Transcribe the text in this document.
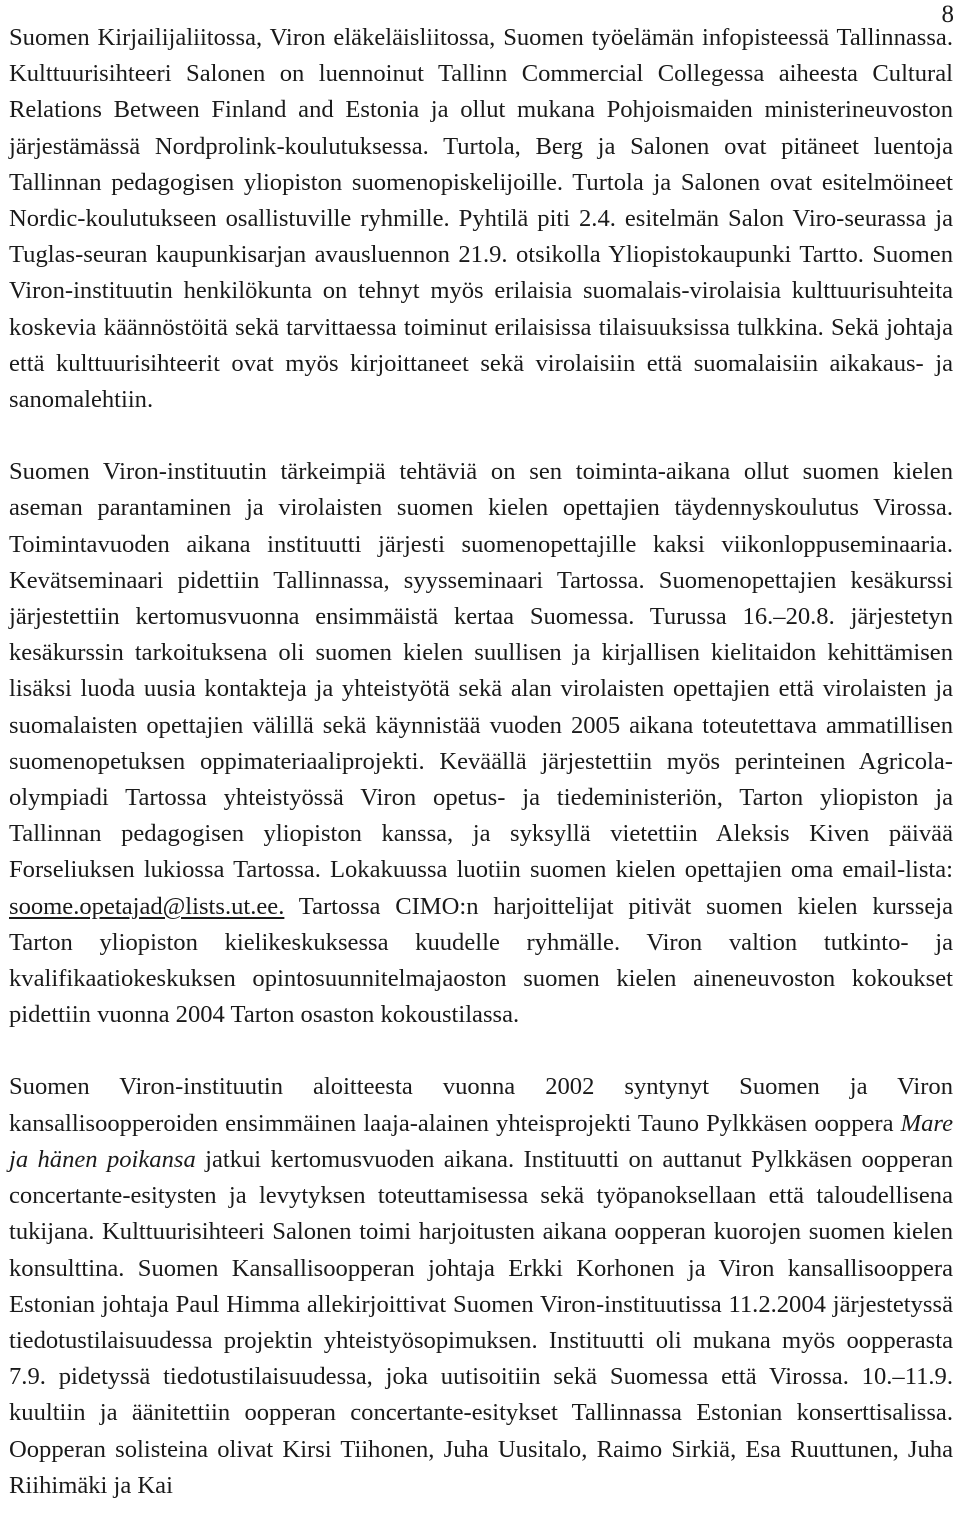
8

Suomen Kirjailijaliitossa, Viron eläkeläisliitossa, Suomen työelämän infopisteessä Tallinnassa. Kulttuurisihteeri Salonen on luennoinut Tallinn Commercial Collegessa aiheesta Cultural Relations Between Finland and Estonia ja ollut mukana Pohjoismaiden ministerineuvoston järjestämässä Nordprolink-koulutuksessa. Turtola, Berg ja Salonen ovat pitäneet luentoja Tallinnan pedagogisen yliopiston suomenopiskelijoille. Turtola ja Salonen ovat esitelmöineet Nordic-koulutukseen osallistuville ryhmille. Pyhtilä piti 2.4. esitelmän Salon Viro-seurassa ja Tuglas-seuran kaupunkisarjan avausluennon 21.9. otsikolla Yliopistokaupunki Tartto. Suomen Viron-instituutin henkilökunta on tehnyt myös erilaisia suomalais-virolaisia kulttuurisuhteita koskevia käännöstöitä sekä tarvittaessa toiminut erilaisissa tilaisuuksissa tulkkina. Sekä johtaja että kulttuurisihteerit ovat myös kirjoittaneet sekä virolaisiin että suomalaisiin aikakaus- ja sanomalehtiin.

Suomen Viron-instituutin tärkeimpiä tehtäviä on sen toiminta-aikana ollut suomen kielen aseman parantaminen ja virolaisten suomen kielen opettajien täydennyskoulutus Virossa. Toimintavuoden aikana instituutti järjesti suomenopettajille kaksi viikonloppuseminaaria. Kevätseminaari pidettiin Tallinnassa, syysseminaari Tartossa. Suomenopettajien kesäkurssi järjestettiin kertomusvuonna ensimmäistä kertaa Suomessa. Turussa 16.–20.8. järjestetyn kesäkurssin tarkoituksena oli suomen kielen suullisen ja kirjallisen kielitaidon kehittämisen lisäksi luoda uusia kontakteja ja yhteistyötä sekä alan virolaisten opettajien että virolaisten ja suomalaisten opettajien välillä sekä käynnistää vuoden 2005 aikana toteutettava ammatillisen suomenopetuksen oppimateriaaliprojekti. Keväällä järjestettiin myös perinteinen Agricola-olympiadi Tartossa yhteistyössä Viron opetus- ja tiedeministeriön, Tarton yliopiston ja Tallinnan pedagogisen yliopiston kanssa, ja syksyllä vietettiin Aleksis Kiven päivää Forseliuksen lukiossa Tartossa. Lokakuussa luotiin suomen kielen opettajien oma email-lista: soome.opetajad@lists.ut.ee. Tartossa CIMO:n harjoittelijat pitivät suomen kielen kursseja Tarton yliopiston kielikeskuksessa kuudelle ryhmälle. Viron valtion tutkinto- ja kvalifikaatiokeskuksen opintosuunnitelmajaoston suomen kielen aineneuvoston kokoukset pidettiin vuonna 2004 Tarton osaston kokoustilassa.

Suomen Viron-instituutin aloitteesta vuonna 2002 syntynyt Suomen ja Viron kansallisoopperoiden ensimmäinen laaja-alainen yhteisprojekti Tauno Pylkkäsen ooppera Mare ja hänen poikansa jatkui kertomusvuoden aikana. Instituutti on auttanut Pylkkäsen oopperan concertante-esitysten ja levytyksen toteuttamisessa sekä työpanoksellaan että taloudellisena tukijana. Kulttuurisihteeri Salonen toimi harjoitusten aikana oopperan kuorojen suomen kielen konsulttina. Suomen Kansallisoopperan johtaja Erkki Korhonen ja Viron kansallisooppera Estonian johtaja Paul Himma allekirjoittivat Suomen Viron-instituutissa 11.2.2004 järjestetyssä tiedotustilaisuudessa projektin yhteistyösopimuksen. Instituutti oli mukana myös oopperasta 7.9. pidetyssä tiedotustilaisuudessa, joka uutisoitiin sekä Suomessa että Virossa. 10.–11.9. kuultiin ja äänitettiin oopperan concertante-esitykset Tallinnassa Estonian konserttisalissa. Oopperan solisteina olivat Kirsi Tiihonen, Juha Uusitalo, Raimo Sirkiä, Esa Ruuttunen, Juha Riihimäki ja Kai
